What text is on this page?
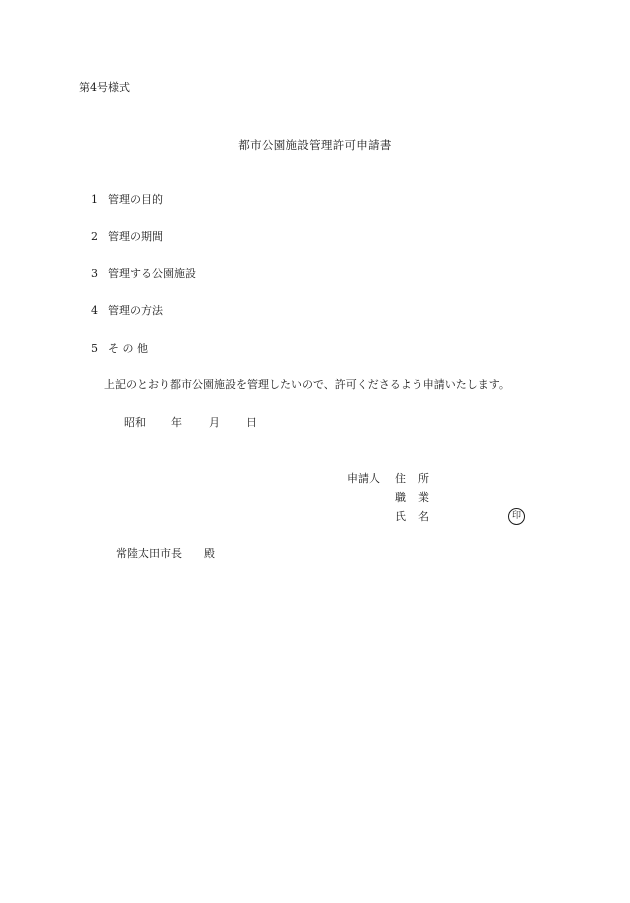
第4号様式
都市公園施設管理許可申請書
1 管理の目的
2 管理の期間
3 管理する公園施設
4 管理の方法
5 そ の 他
上記のとおり都市公園施設を管理したいので、許可くださるよう申請いたします。
昭和 年 月 日
申請人 住 所
職 業
氏 名	印
常陸太田市長 殿
